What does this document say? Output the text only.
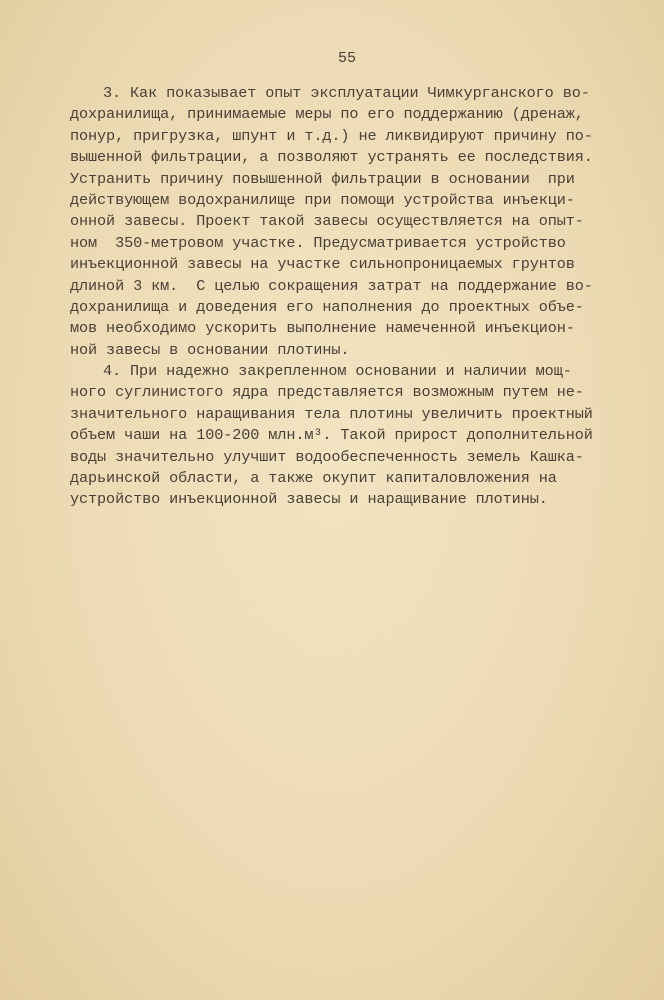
55
3. Как показывает опыт эксплуатации Чимкурганского во-
дохранилища, принимаемые меры по его поддержанию (дренаж,
понур, пригрузка, шпунт и т.д.) не ликвидируют причину по-
вышенной фильтрации, а позволяют устранять ее последствия.
Устранить причину повышенной фильтрации в основании  при
действующем водохранилище при помощи устройства инъекци-
онной завесы. Проект такой завесы осуществляется на опыт-
ном  350-метровом участке. Предусматривается устройство
инъекционной завесы на участке сильнопроницаемых грунтов
длиной 3 км.  С целью сокращения затрат на поддержание во-
дохранилища и доведения его наполнения до проектных объе-
мов необходимо ускорить выполнение намеченной инъекцион-
ной завесы в основании плотины.
4. При надежно закрепленном основании и наличии мощ-
ного суглинистого ядра представляется возможным путем не-
значительного наращивания тела плотины увеличить проектный
объем чаши на 100-200 млн.м³. Такой прирост дополнительной
воды значительно улучшит водообеспеченность земель Кашка-
дарьинской области, а также окупит капиталовложения на
устройство инъекционной завесы и наращивание плотины.
